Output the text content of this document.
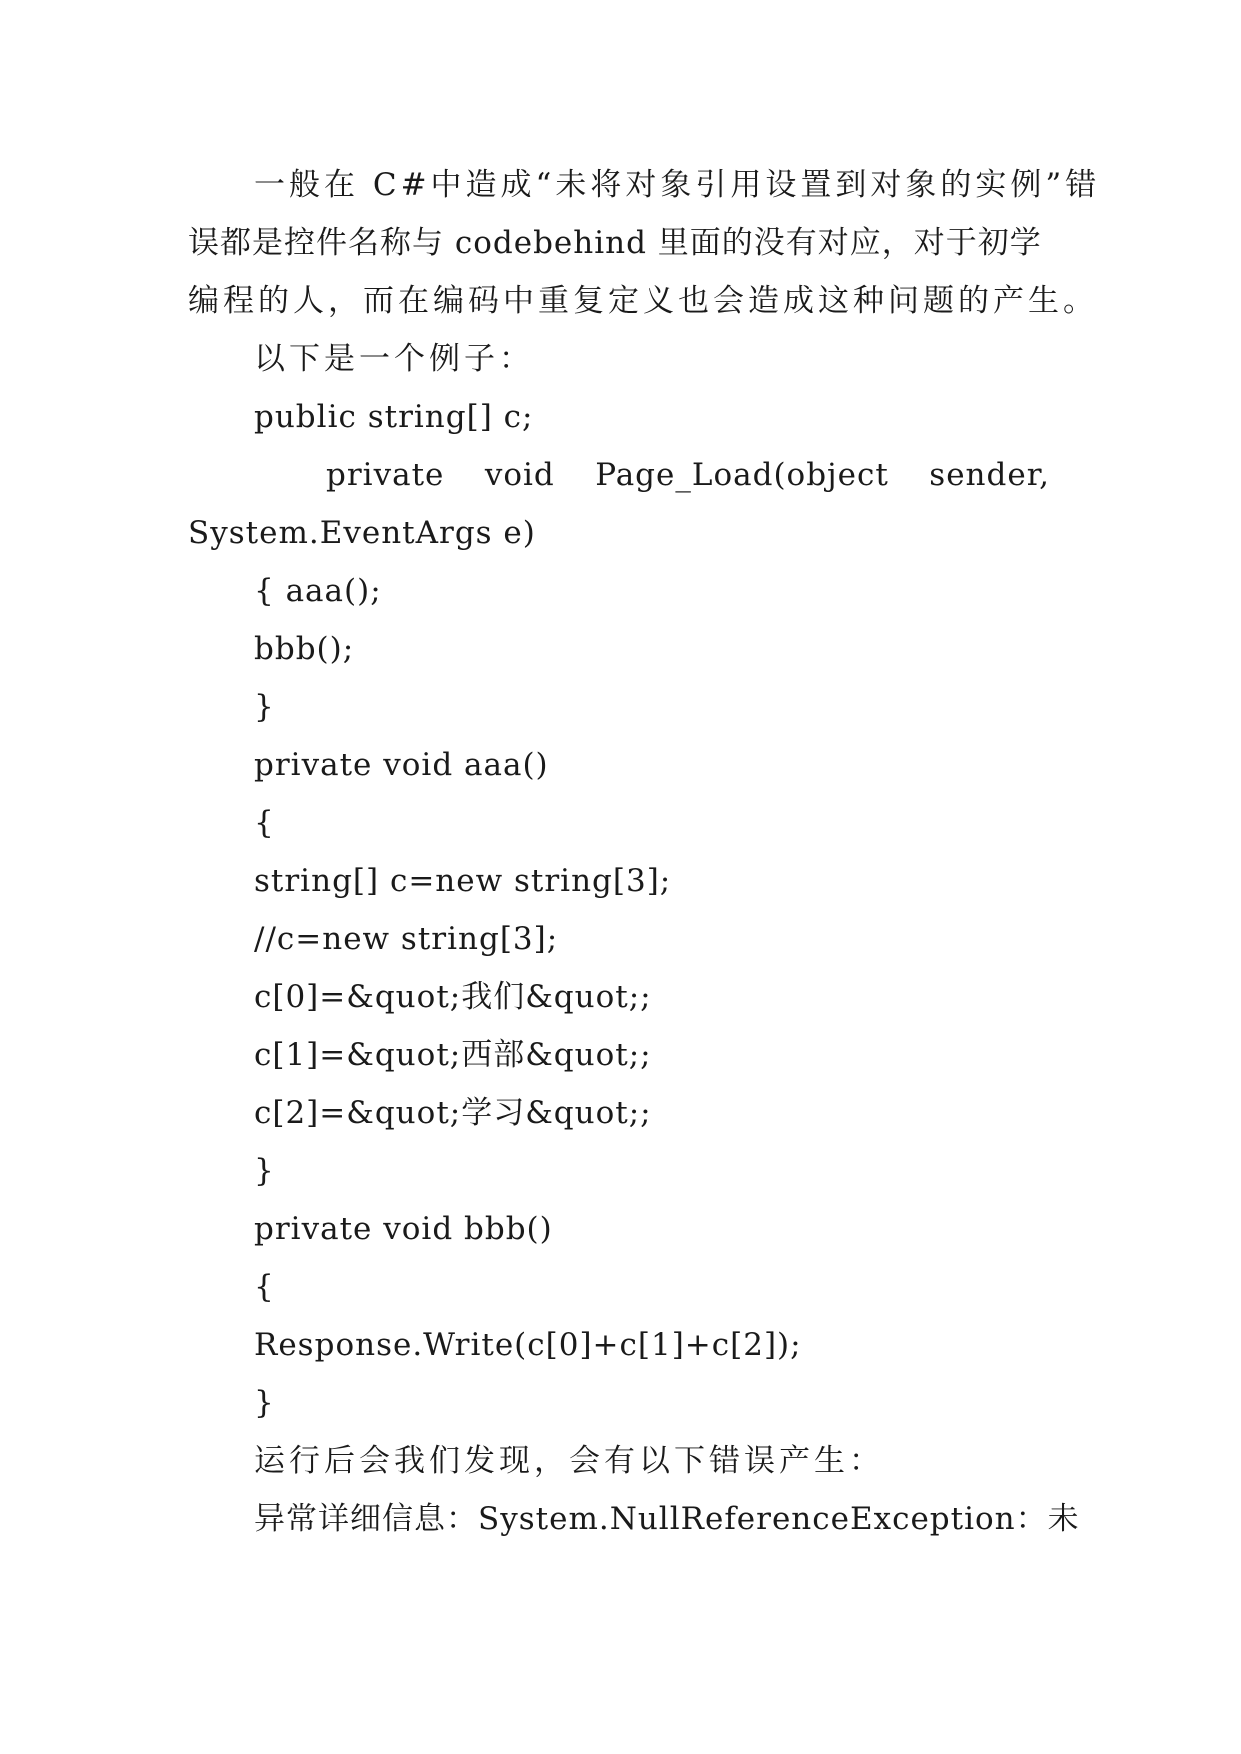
一般在 C#中造成“未将对象引用设置到对象的实例”错
误都是控件名称与 codebehind 里面的没有对应，对于初学
编程的人，而在编码中重复定义也会造成这种问题的产生。
以下是一个例子：
public string[] c;
private void Page_Load(object sender,
System.EventArgs e)
{ aaa();
bbb();
}
private void aaa()
{
string[] c=new string[3];
//c=new string[3];
c[0]=&quot;我们&quot;;
c[1]=&quot;西部&quot;;
c[2]=&quot;学习&quot;;
}
private void bbb()
{
Response.Write(c[0]+c[1]+c[2]);
}
运行后会我们发现，会有以下错误产生：
异常详细信息：System.NullReferenceException：未
